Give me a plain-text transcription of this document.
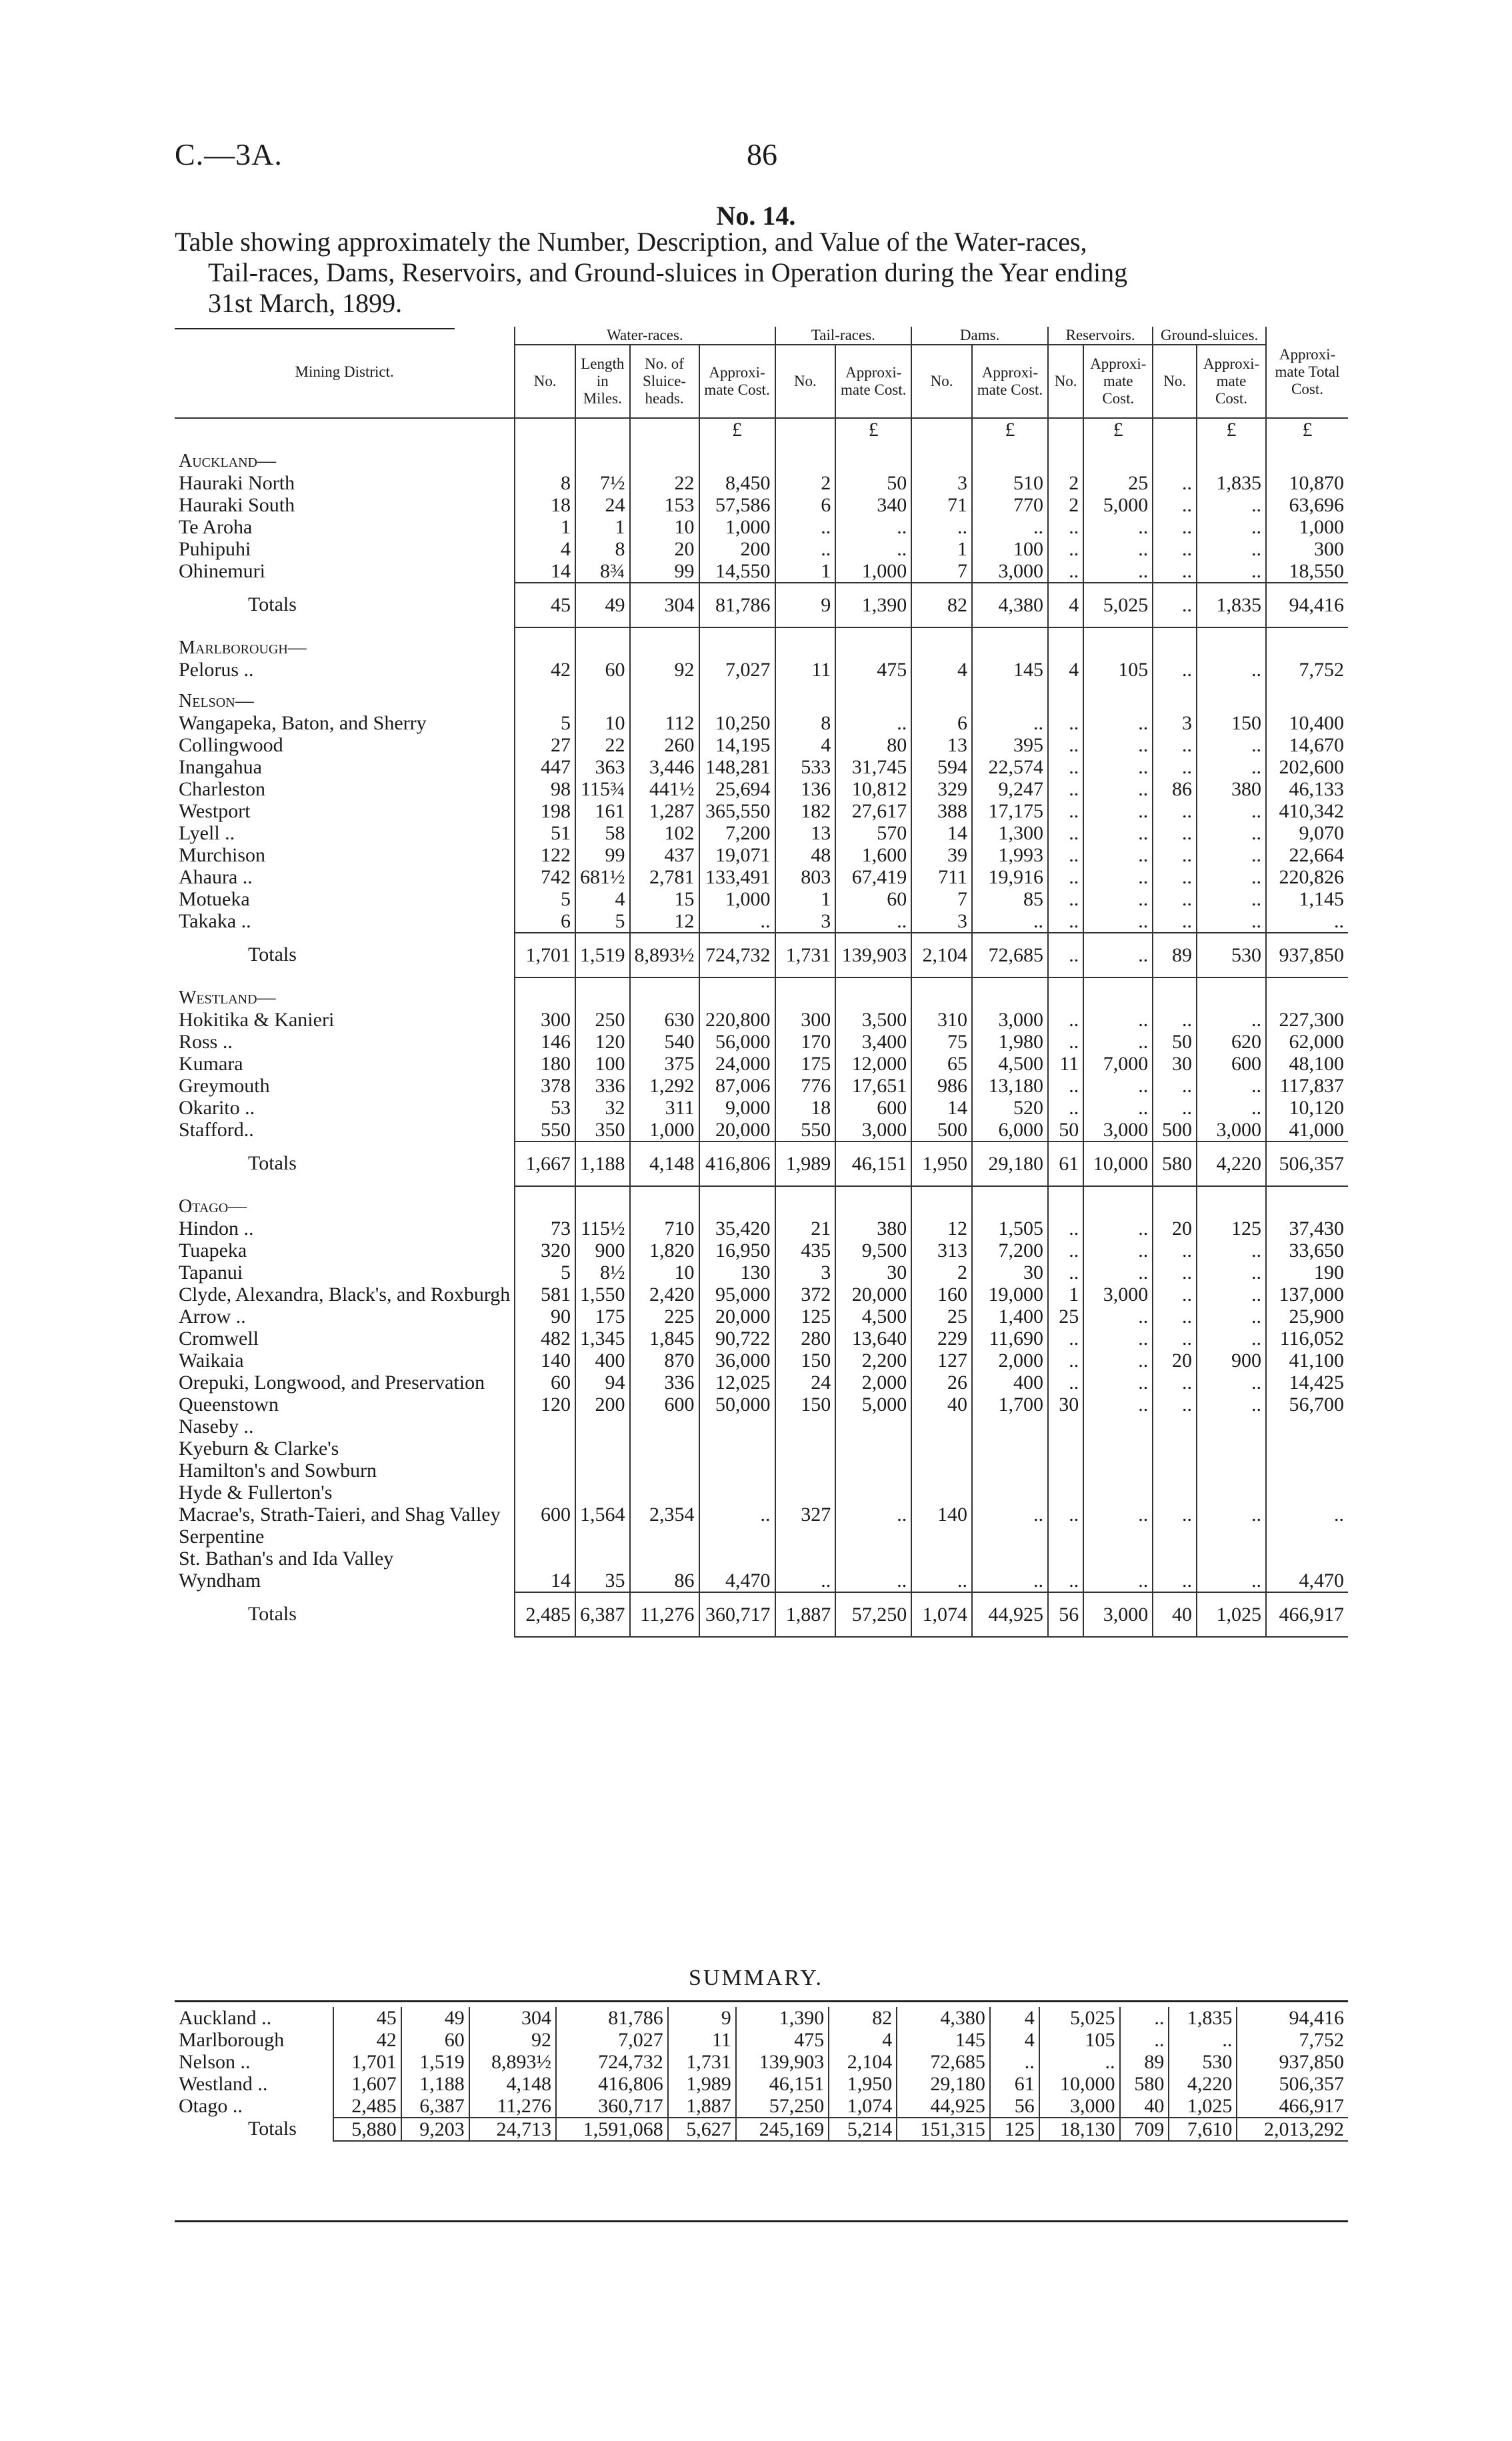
C.—3A.	86
No. 14.
Table showing approximately the Number, Description, and Value of the Water-races,
Tail-races, Dams, Reservoirs, and Ground-sluices in Operation during the Year ending
31st March, 1899.
Mining District.	Water-races.				Tail-races.		Dams.		Reservoirs.		Ground-sluices.		Approxi-mate Total Cost.
	No.	Length in Miles.	No. of Sluice-heads.	Approxi-mate Cost.	No.	Approxi-mate Cost.	No.	Approxi-mate Cost.	No.	Approxi-mate Cost.	No.	Approxi-mate Cost.	
				£		£		£		£		£	£
Auckland—													
Hauraki North	8	7½	22	8,450	2	50	3	510	2	25	..	1,835	10,870
Hauraki South	18	24	153	57,586	6	340	71	770	2	5,000	..	..	63,696
Te Aroha	1	1	10	1,000	..	..	..	..	..	..	..	..	1,000
Puhipuhi	4	8	20	200	..	..	1	100	..	..	..	..	300
Ohinemuri	14	8¾	99	14,550	1	1,000	7	3,000	..	..	..	..	18,550
Totals	45	49	304	81,786	9	1,390	82	4,380	4	5,025	..	1,835	94,416
Marlborough—													
Pelorus ..	42	60	92	7,027	11	475	4	145	4	105	..	..	7,752
Nelson—													
Wangapeka, Baton, and Sherry	5	10	112	10,250	8	..	6	..	..	..	3	150	10,400
Collingwood	27	22	260	14,195	4	80	13	395	..	..	..	..	14,670
Inangahua	447	363	3,446	148,281	533	31,745	594	22,574	..	..	..	..	202,600
Charleston	98	115¾	441½	25,694	136	10,812	329	9,247	..	..	86	380	46,133
Westport	198	161	1,287	365,550	182	27,617	388	17,175	..	..	..	..	410,342
Lyell ..	51	58	102	7,200	13	570	14	1,300	..	..	..	..	9,070
Murchison	122	99	437	19,071	48	1,600	39	1,993	..	..	..	..	22,664
Ahaura ..	742	681½	2,781	133,491	803	67,419	711	19,916	..	..	..	..	220,826
Motueka	5	4	15	1,000	1	60	7	85	..	..	..	..	1,145
Takaka ..	6	5	12	..	3	..	3	..	..	..	..	..	..
Totals	1,701	1,519	8,893½	724,732	1,731	139,903	2,104	72,685	..	..	89	530	937,850
Westland—													
Hokitika & Kanieri	300	250	630	220,800	300	3,500	310	3,000	..	..	..	..	227,300
Ross ..	146	120	540	56,000	170	3,400	75	1,980	..	..	50	620	62,000
Kumara	180	100	375	24,000	175	12,000	65	4,500	11	7,000	30	600	48,100
Greymouth	378	336	1,292	87,006	776	17,651	986	13,180	..	..	..	..	117,837
Okarito ..	53	32	311	9,000	18	600	14	520	..	..	..	..	10,120
Stafford..	550	350	1,000	20,000	550	3,000	500	6,000	50	3,000	500	3,000	41,000
Totals	1,667	1,188	4,148	416,806	1,989	46,151	1,950	29,180	61	10,000	580	4,220	506,357
Otago—													
Hindon ..	73	115½	710	35,420	21	380	12	1,505	..	..	20	125	37,430
Tuapeka	320	900	1,820	16,950	435	9,500	313	7,200	..	..	..	..	33,650
Tapanui	5	8½	10	130	3	30	2	30	..	..	..	..	190
Clyde, Alexandra, Black's, and Roxburgh	581	1,550	2,420	95,000	372	20,000	160	19,000	1	3,000	..	..	137,000
Arrow ..	90	175	225	20,000	125	4,500	25	1,400	25	..	..	..	25,900
Cromwell	482	1,345	1,845	90,722	280	13,640	229	11,690	..	..	..	..	116,052
Waikaia	140	400	870	36,000	150	2,200	127	2,000	..	..	20	900	41,100
Orepuki, Longwood, and Preservation	60	94	336	12,025	24	2,000	26	400	..	..	..	..	14,425
Queenstown	120	200	600	50,000	150	5,000	40	1,700	30	..	..	..	56,700
Naseby ..													
Kyeburn & Clarke's													
Hamilton's and Sowburn													
Hyde & Fullerton's													
Macrae's, Strath-Taieri, and Shag Valley	600	1,564	2,354	..	327	..	140	..	..	..	..	..	..
Serpentine													
St. Bathan's and Ida Valley													
Wyndham	14	35	86	4,470	..	..	..	..	..	..	..	..	4,470
Totals	2,485	6,387	11,276	360,717	1,887	57,250	1,074	44,925	56	3,000	40	1,025	466,917
SUMMARY.
Auckland ..	45	49	304	81,786	9	1,390	82	4,380	4	5,025	..	1,835	94,416
Marlborough	42	60	92	7,027	11	475	4	145	4	105	..	..	7,752
Nelson ..	1,701	1,519	8,893½	724,732	1,731	139,903	2,104	72,685	..	..	89	530	937,850
Westland ..	1,607	1,188	4,148	416,806	1,989	46,151	1,950	29,180	61	10,000	580	4,220	506,357
Otago ..	2,485	6,387	11,276	360,717	1,887	57,250	1,074	44,925	56	3,000	40	1,025	466,917
Totals	5,880	9,203	24,713	1,591,068	5,627	245,169	5,214	151,315	125	18,130	709	7,610	2,013,292
